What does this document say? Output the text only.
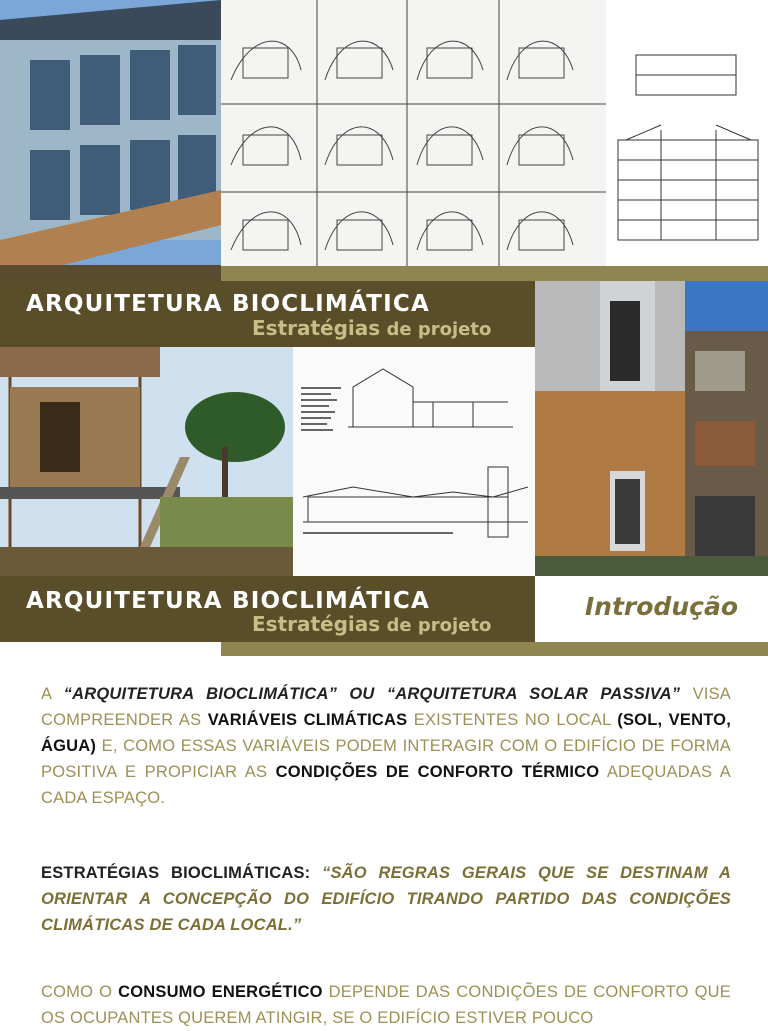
ARQUITETURA BIOCLIMÁTICA
Estratégias de projeto
ARQUITETURA BIOCLIMÁTICA
Estratégias de projeto
Introdução
A “ARQUITETURA BIOCLIMÁTICA” OU “ARQUITETURA SOLAR PASSIVA” VISA COMPREENDER AS VARIÁVEIS CLIMÁTICAS EXISTENTES NO LOCAL (SOL, VENTO, ÁGUA) E, COMO ESSAS VARIÁVEIS PODEM INTERAGIR COM O EDIFÍCIO DE FORMA POSITIVA E PROPICIAR AS CONDIÇÕES DE CONFORTO TÉRMICO ADEQUADAS A CADA ESPAÇO.
ESTRATÉGIAS BIOCLIMÁTICAS: “SÃO REGRAS GERAIS QUE SE DESTINAM A ORIENTAR A CONCEPÇÃO DO EDIFÍCIO TIRANDO PARTIDO DAS CONDIÇÕES CLIMÁTICAS DE CADA LOCAL.”
COMO O CONSUMO ENERGÉTICO DEPENDE DAS CONDIÇÕES DE CONFORTO QUE OS OCUPANTES QUEREM ATINGIR, SE O EDIFÍCIO ESTIVER POUCO
